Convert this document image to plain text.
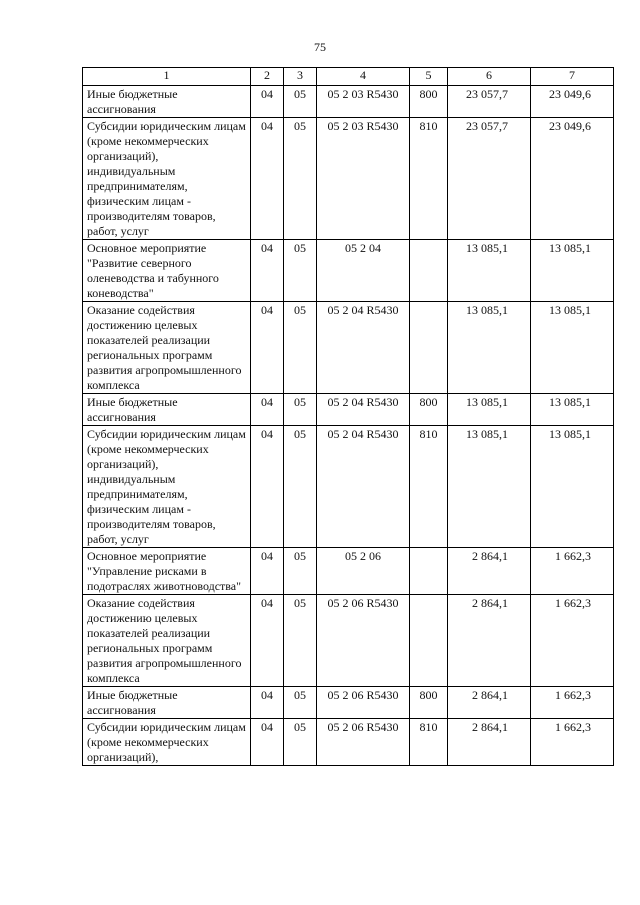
75
1	2	3	4	5	6	7
Иные бюджетные ассигнования	04	05	05 2 03 R5430	800	23 057,7	23 049,6
Субсидии юридическим лицам (кроме некоммерческих организаций), индивидуальным предпринимателям, физическим лицам - производителям товаров, работ, услуг	04	05	05 2 03 R5430	810	23 057,7	23 049,6
Основное мероприятие "Развитие северного оленеводства и табунного коневодства"	04	05	05 2 04		13 085,1	13 085,1
Оказание содействия достижению целевых показателей реализации региональных программ развития агропромышленного комплекса	04	05	05 2 04 R5430		13 085,1	13 085,1
Иные бюджетные ассигнования	04	05	05 2 04 R5430	800	13 085,1	13 085,1
Субсидии юридическим лицам (кроме некоммерческих организаций), индивидуальным предпринимателям, физическим лицам - производителям товаров, работ, услуг	04	05	05 2 04 R5430	810	13 085,1	13 085,1
Основное мероприятие "Управление рисками в подотраслях животноводства"	04	05	05 2 06		2 864,1	1 662,3
Оказание содействия достижению целевых показателей реализации региональных программ развития агропромышленного комплекса	04	05	05 2 06 R5430		2 864,1	1 662,3
Иные бюджетные ассигнования	04	05	05 2 06 R5430	800	2 864,1	1 662,3
Субсидии юридическим лицам (кроме некоммерческих организаций),	04	05	05 2 06 R5430	810	2 864,1	1 662,3
